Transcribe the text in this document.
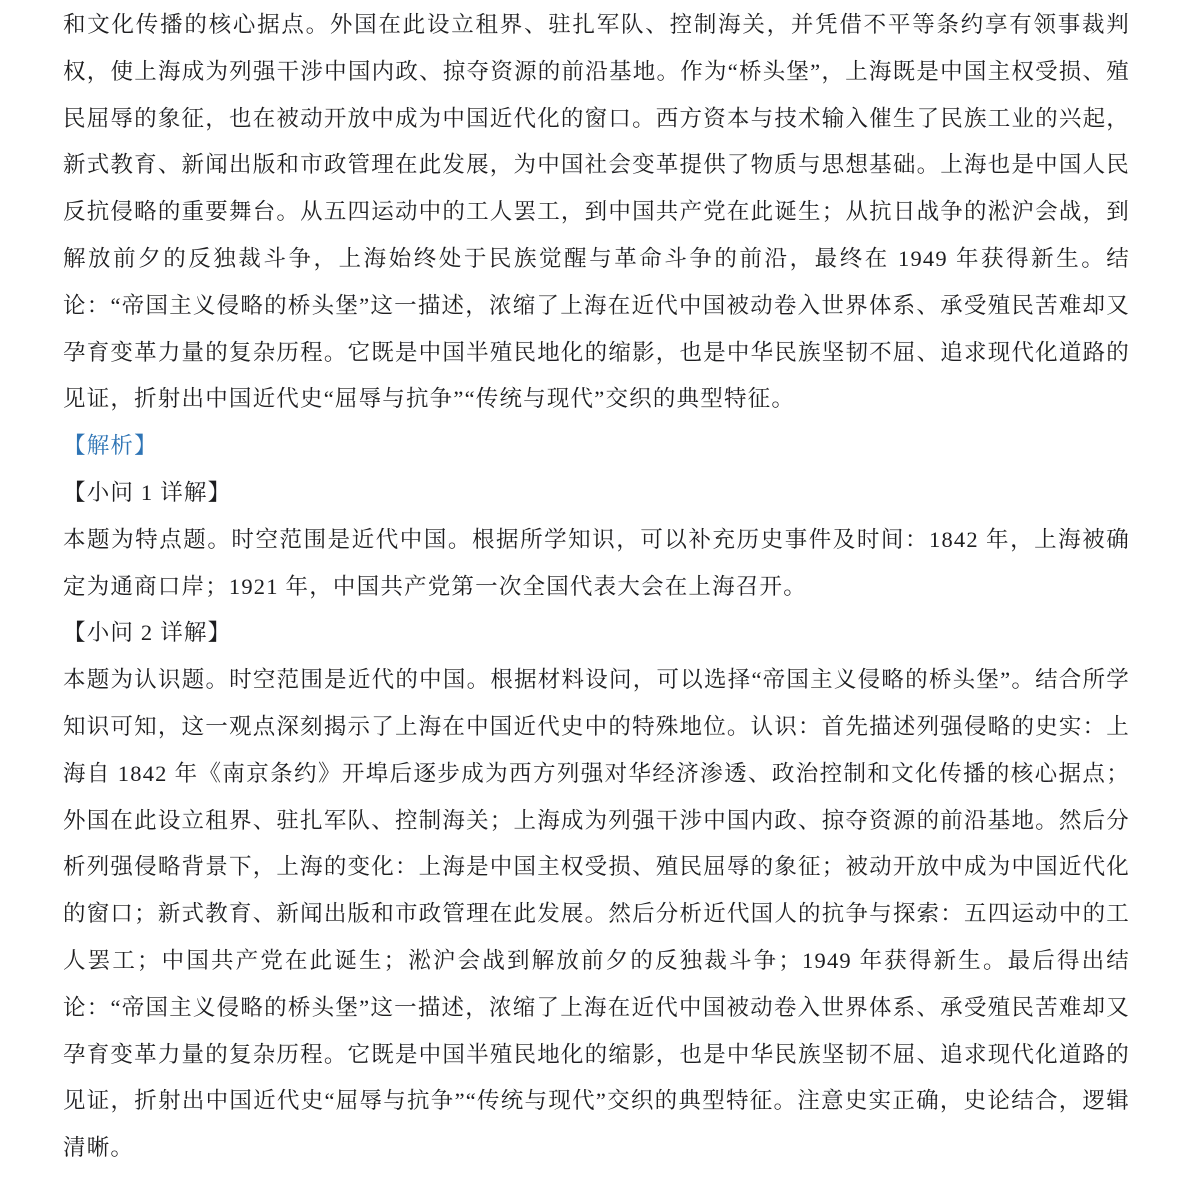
和文化传播的核心据点。外国在此设立租界、驻扎军队、控制海关，并凭借不平等条约享有领事裁判权，使上海成为列强干涉中国内政、掠夺资源的前沿基地。作为“桥头堡”，上海既是中国主权受损、殖民屈辱的象征，也在被动开放中成为中国近代化的窗口。西方资本与技术输入催生了民族工业的兴起，新式教育、新闻出版和市政管理在此发展，为中国社会变革提供了物质与思想基础。上海也是中国人民反抗侵略的重要舞台。从五四运动中的工人罢工，到中国共产党在此诞生；从抗日战争的淞沪会战，到解放前夕的反独裁斗争，上海始终处于民族觉醒与革命斗争的前沿，最终在 1949 年获得新生。结论：“帝国主义侵略的桥头堡”这一描述，浓缩了上海在近代中国被动卷入世界体系、承受殖民苦难却又孕育变革力量的复杂历程。它既是中国半殖民地化的缩影，也是中华民族坚韧不屈、追求现代化道路的见证，折射出中国近代史“屈辱与抗争”“传统与现代”交织的典型特征。

【解析】
【小问 1 详解】

本题为特点题。时空范围是近代中国。根据所学知识，可以补充历史事件及时间：1842 年，上海被确定为通商口岸；1921 年，中国共产党第一次全国代表大会在上海召开。

【小问 2 详解】

本题为认识题。时空范围是近代的中国。根据材料设问，可以选择“帝国主义侵略的桥头堡”。结合所学知识可知，这一观点深刻揭示了上海在中国近代史中的特殊地位。认识：首先描述列强侵略的史实：上海自 1842 年《南京条约》开埠后逐步成为西方列强对华经济渗透、政治控制和文化传播的核心据点；外国在此设立租界、驻扎军队、控制海关；上海成为列强干涉中国内政、掠夺资源的前沿基地。然后分析列强侵略背景下，上海的变化：上海是中国主权受损、殖民屈辱的象征；被动开放中成为中国近代化的窗口；新式教育、新闻出版和市政管理在此发展。然后分析近代国人的抗争与探索：五四运动中的工人罢工；中国共产党在此诞生；淞沪会战到解放前夕的反独裁斗争；1949 年获得新生。最后得出结论：“帝国主义侵略的桥头堡”这一描述，浓缩了上海在近代中国被动卷入世界体系、承受殖民苦难却又孕育变革力量的复杂历程。它既是中国半殖民地化的缩影，也是中华民族坚韧不屈、追求现代化道路的见证，折射出中国近代史“屈辱与抗争”“传统与现代”交织的典型特征。注意史实正确，史论结合，逻辑清晰。
